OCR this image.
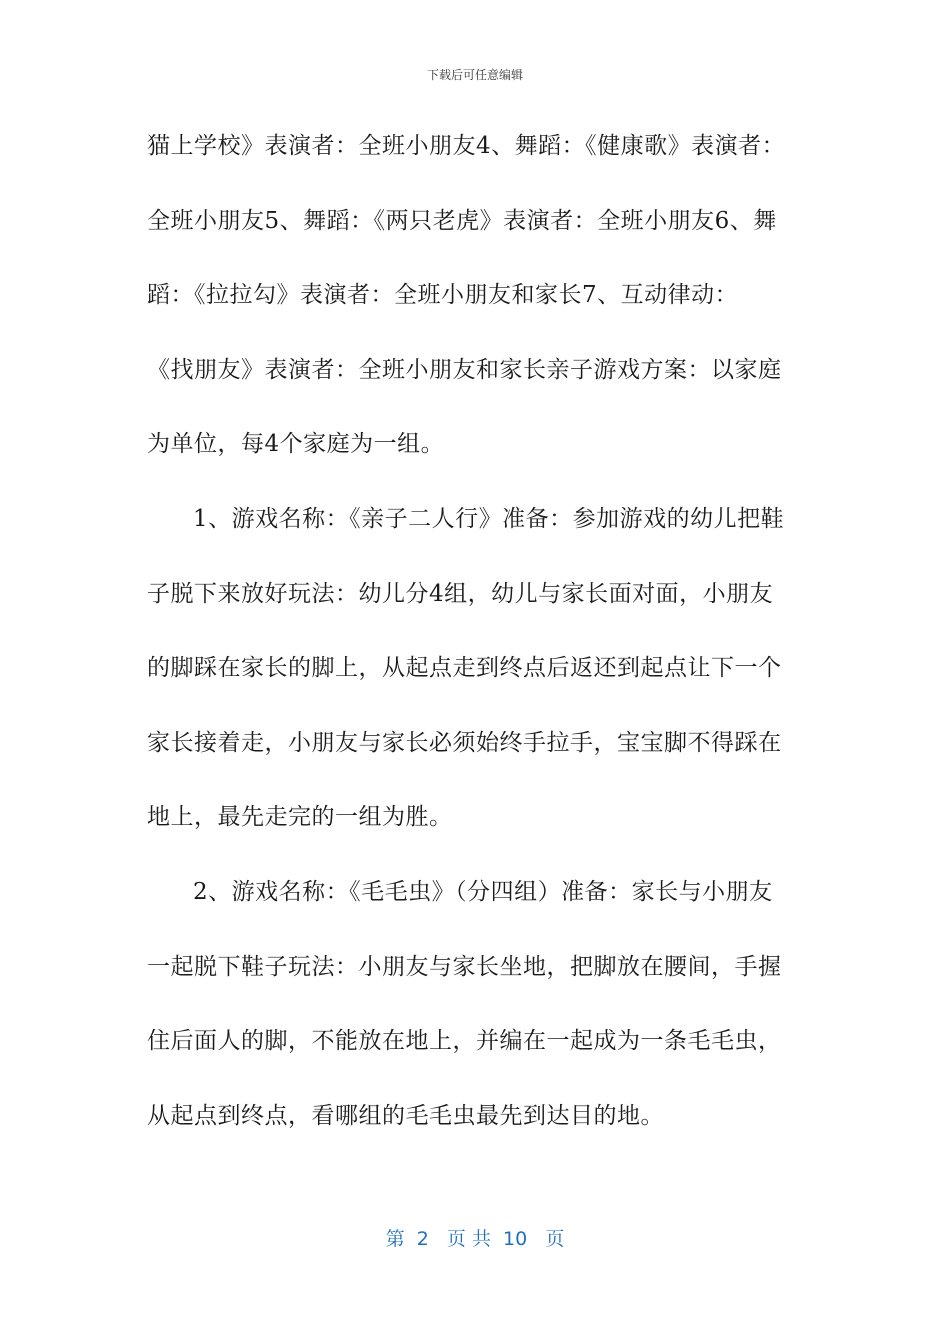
下载后可任意编辑
猫上学校》表演者：全班小朋友4、舞蹈：《健康歌》表演者：
全班小朋友5、舞蹈：《两只老虎》表演者：全班小朋友6、舞
蹈：《拉拉勾》表演者：全班小朋友和家长7、互动律动：
《找朋友》表演者：全班小朋友和家长亲子游戏方案：以家庭
为单位，每4个家庭为一组。
1、游戏名称：《亲子二人行》准备：参加游戏的幼儿把鞋
子脱下来放好玩法：幼儿分4组，幼儿与家长面对面，小朋友
的脚踩在家长的脚上，从起点走到终点后返还到起点让下一个
家长接着走，小朋友与家长必须始终手拉手，宝宝脚不得踩在
地上，最先走完的一组为胜。
2、游戏名称：《毛毛虫》（分四组）准备：家长与小朋友
一起脱下鞋子玩法：小朋友与家长坐地，把脚放在腰间，手握
住后面人的脚，不能放在地上，并编在一起成为一条毛毛虫，
从起点到终点，看哪组的毛毛虫最先到达目的地。
第  2   页 共  10   页
